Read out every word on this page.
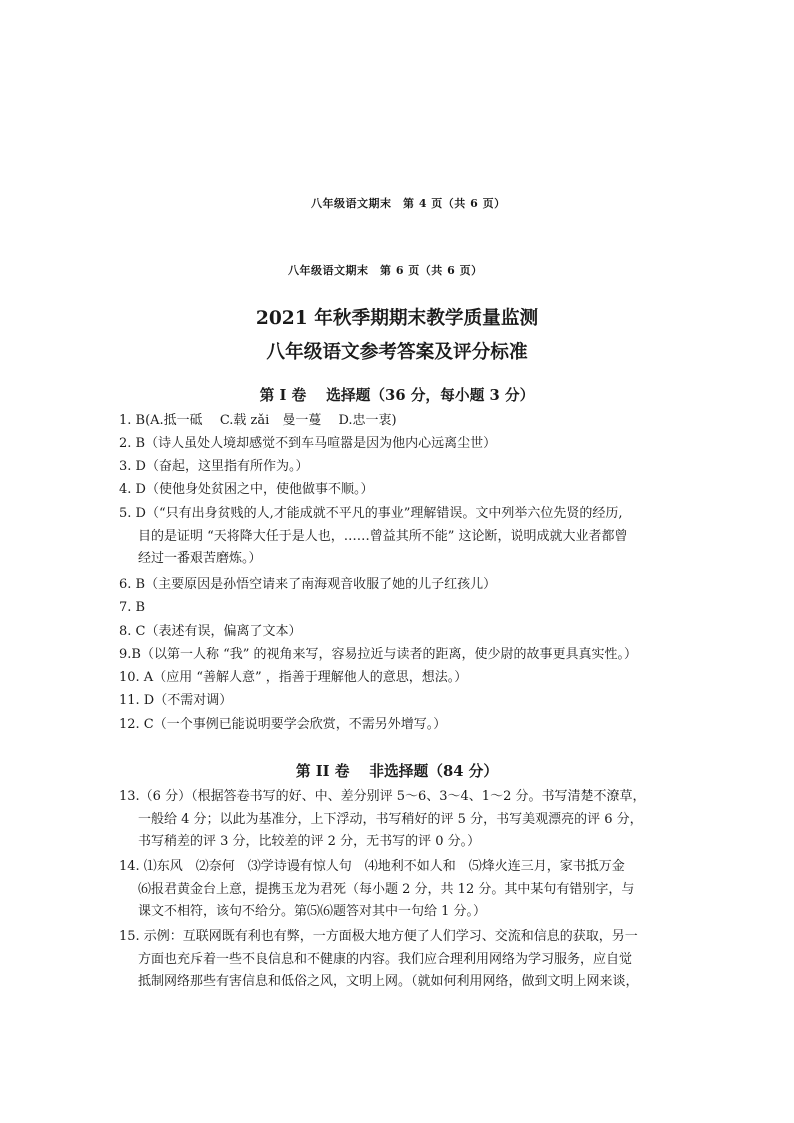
八年级语文期末　第 4 页（共 6 页）
八年级语文期末　第 6 页（共 6 页）
2021 年秋季期期末教学质量监测
八年级语文参考答案及评分标准
第 I 卷　 选择题（36 分，每小题 3 分）
1. B(A.抵一砥　 C.载 zǎi　曼一蔓　 D.忠一衷)
2. B（诗人虽处人境却感觉不到车马喧嚣是因为他内心远离尘世）
3. D（奋起，这里指有所作为。）
4. D（使他身处贫困之中，使他做事不顺。）
5. D（“只有出身贫贱的人,才能成就不平凡的事业”理解错误。文中列举六位先贤的经历,
目的是证明 “天将降大任于是人也，……曾益其所不能” 这论断，说明成就大业者都曾
经过一番艰苦磨炼。）
6. B（主要原因是孙悟空请来了南海观音收服了她的儿子红孩儿）
7. B
8. C（表述有误，偏离了文本）
9.B（以第一人称 “我” 的视角来写，容易拉近与读者的距离，使少尉的故事更具真实性。）
10. A（应用 “善解人意” ，指善于理解他人的意思，想法。）
11. D（不需对调）
12. C（一个事例已能说明要学会欣赏，不需另外增写。）
第 II 卷　 非选择题（84 分）
13.（6 分）（根据答卷书写的好、中、差分别评 5～6、3～4、1～2 分。书写清楚不潦草，
一般给 4 分；以此为基准分，上下浮动，书写稍好的评 5 分，书写美观漂亮的评 6 分，
书写稍差的评 3 分，比较差的评 2 分，无书写的评 0 分。）
14. ⑴东风　⑵奈何　⑶学诗谩有惊人句　⑷地利不如人和　⑸烽火连三月，家书抵万金
⑹报君黄金台上意，提携玉龙为君死（每小题 2 分，共 12 分。其中某句有错别字，与
课文不相符，该句不给分。第⑸⑹题答对其中一句给 1 分。）
15. 示例：互联网既有利也有弊，一方面极大地方便了人们学习、交流和信息的获取，另一
方面也充斥着一些不良信息和不健康的内容。我们应合理利用网络为学习服务，应自觉
抵制网络那些有害信息和低俗之风，文明上网。（就如何利用网络，做到文明上网来谈，
